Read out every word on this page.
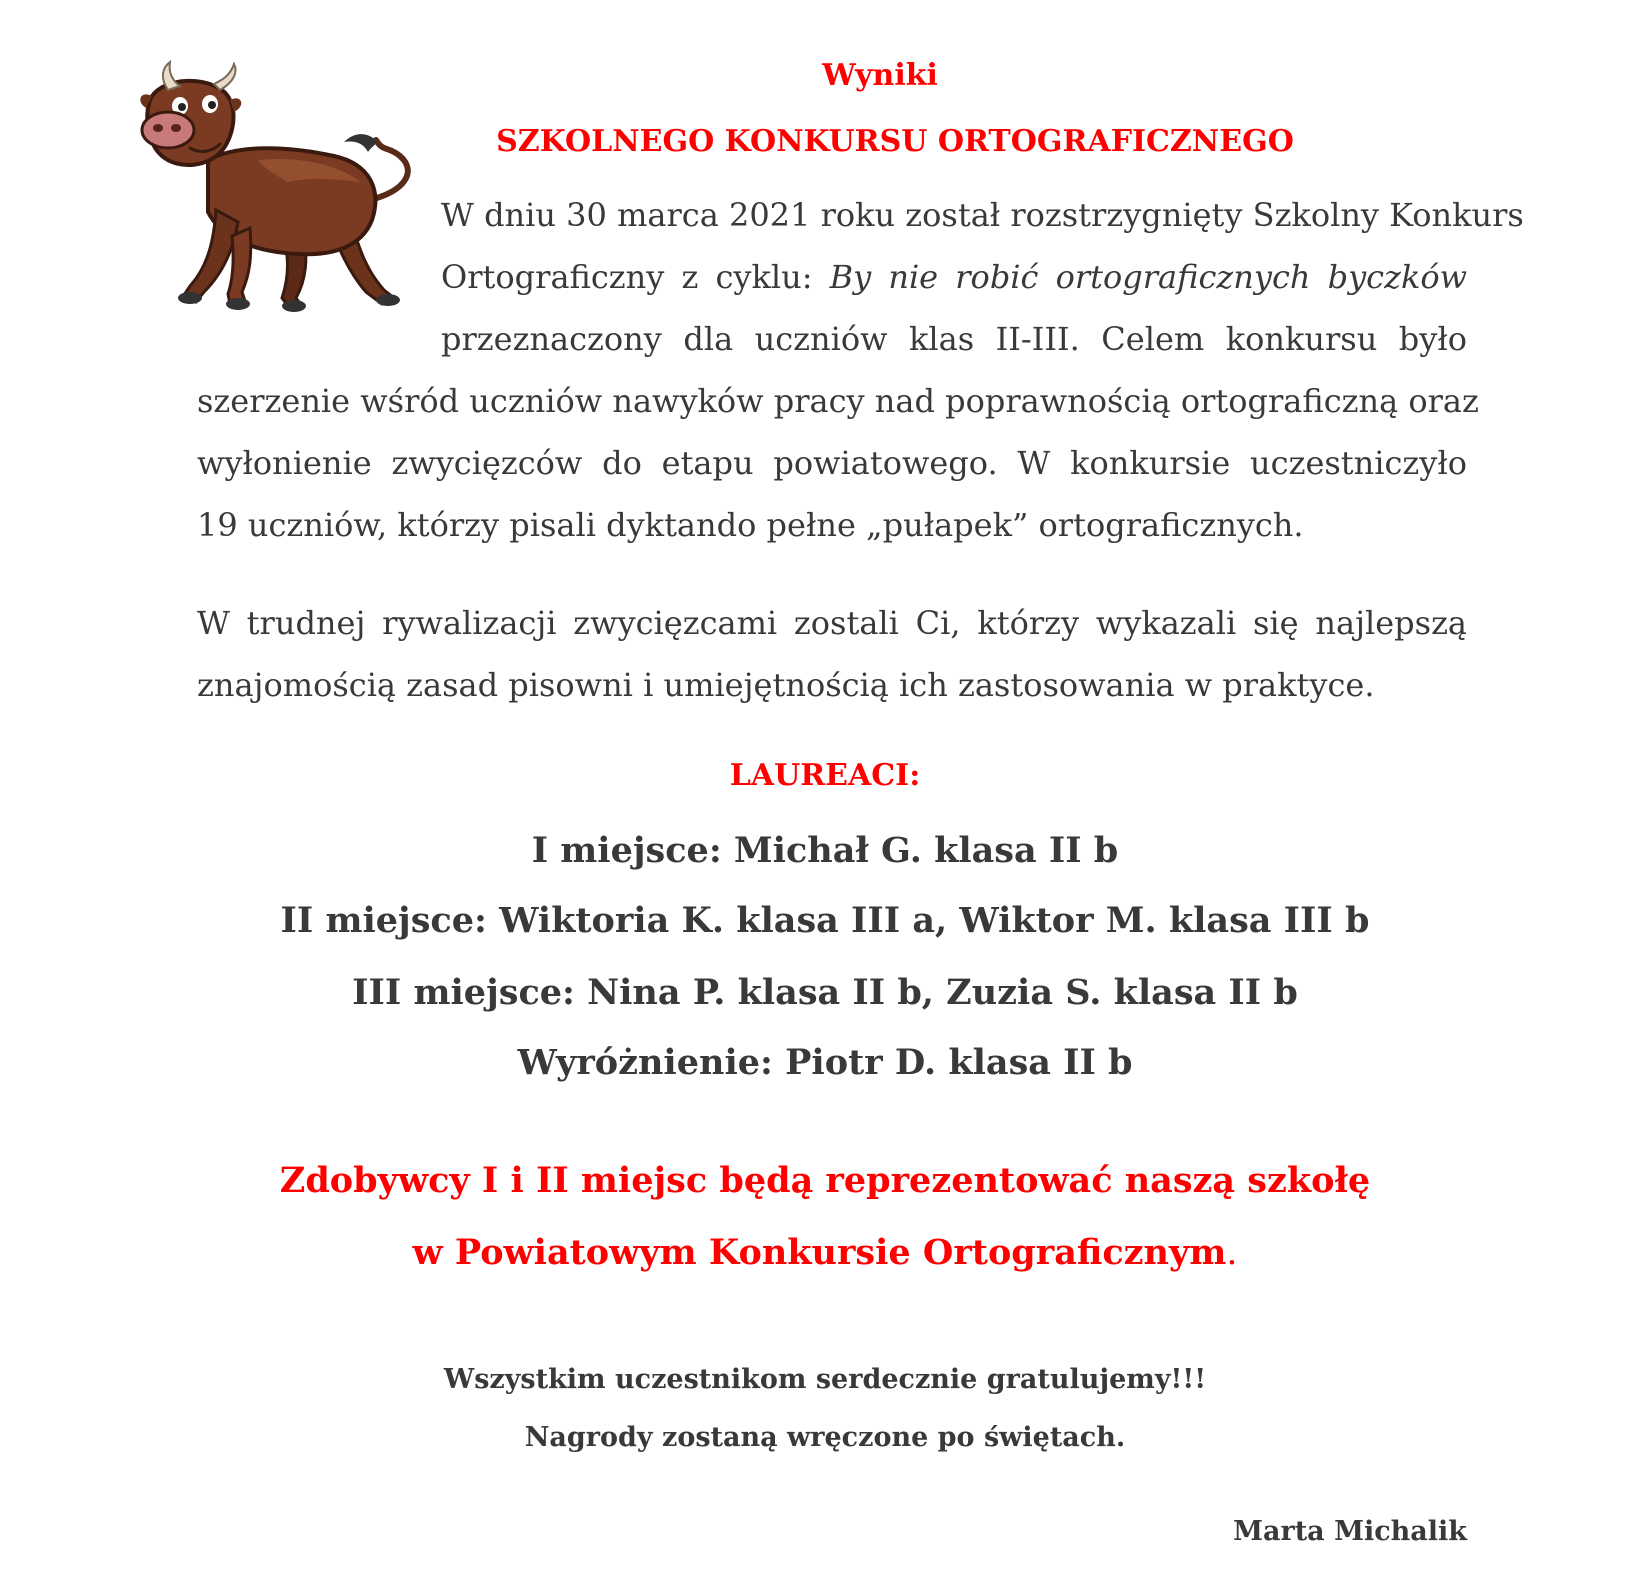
Wyniki
SZKOLNEGO KONKURSU ORTOGRAFICZNEGO
W dniu 30 marca 2021 roku został rozstrzygnięty Szkolny Konkurs
Ortograficzny z cyklu: By nie robić ortograficznych byczków
przeznaczony dla uczniów klas II-III. Celem konkursu było
szerzenie wśród uczniów nawyków pracy nad poprawnością ortograficzną oraz
wyłonienie zwycięzców do etapu powiatowego. W konkursie uczestniczyło
19 uczniów, którzy pisali dyktando pełne „pułapek” ortograficznych.
W trudnej rywalizacji zwycięzcami zostali Ci, którzy wykazali się najlepszą
znajomością zasad pisowni i umiejętnością ich zastosowania w praktyce.
LAUREACI:
I miejsce: Michał G. klasa II b
II miejsce: Wiktoria K. klasa III a, Wiktor M. klasa III b
III miejsce: Nina P. klasa II b, Zuzia S. klasa II b
Wyróżnienie: Piotr D. klasa II b
Zdobywcy I i II miejsc będą reprezentować naszą szkołę
w Powiatowym Konkursie Ortograficznym.
Wszystkim uczestnikom serdecznie gratulujemy!!!
Nagrody zostaną wręczone po świętach.
Marta Michalik
